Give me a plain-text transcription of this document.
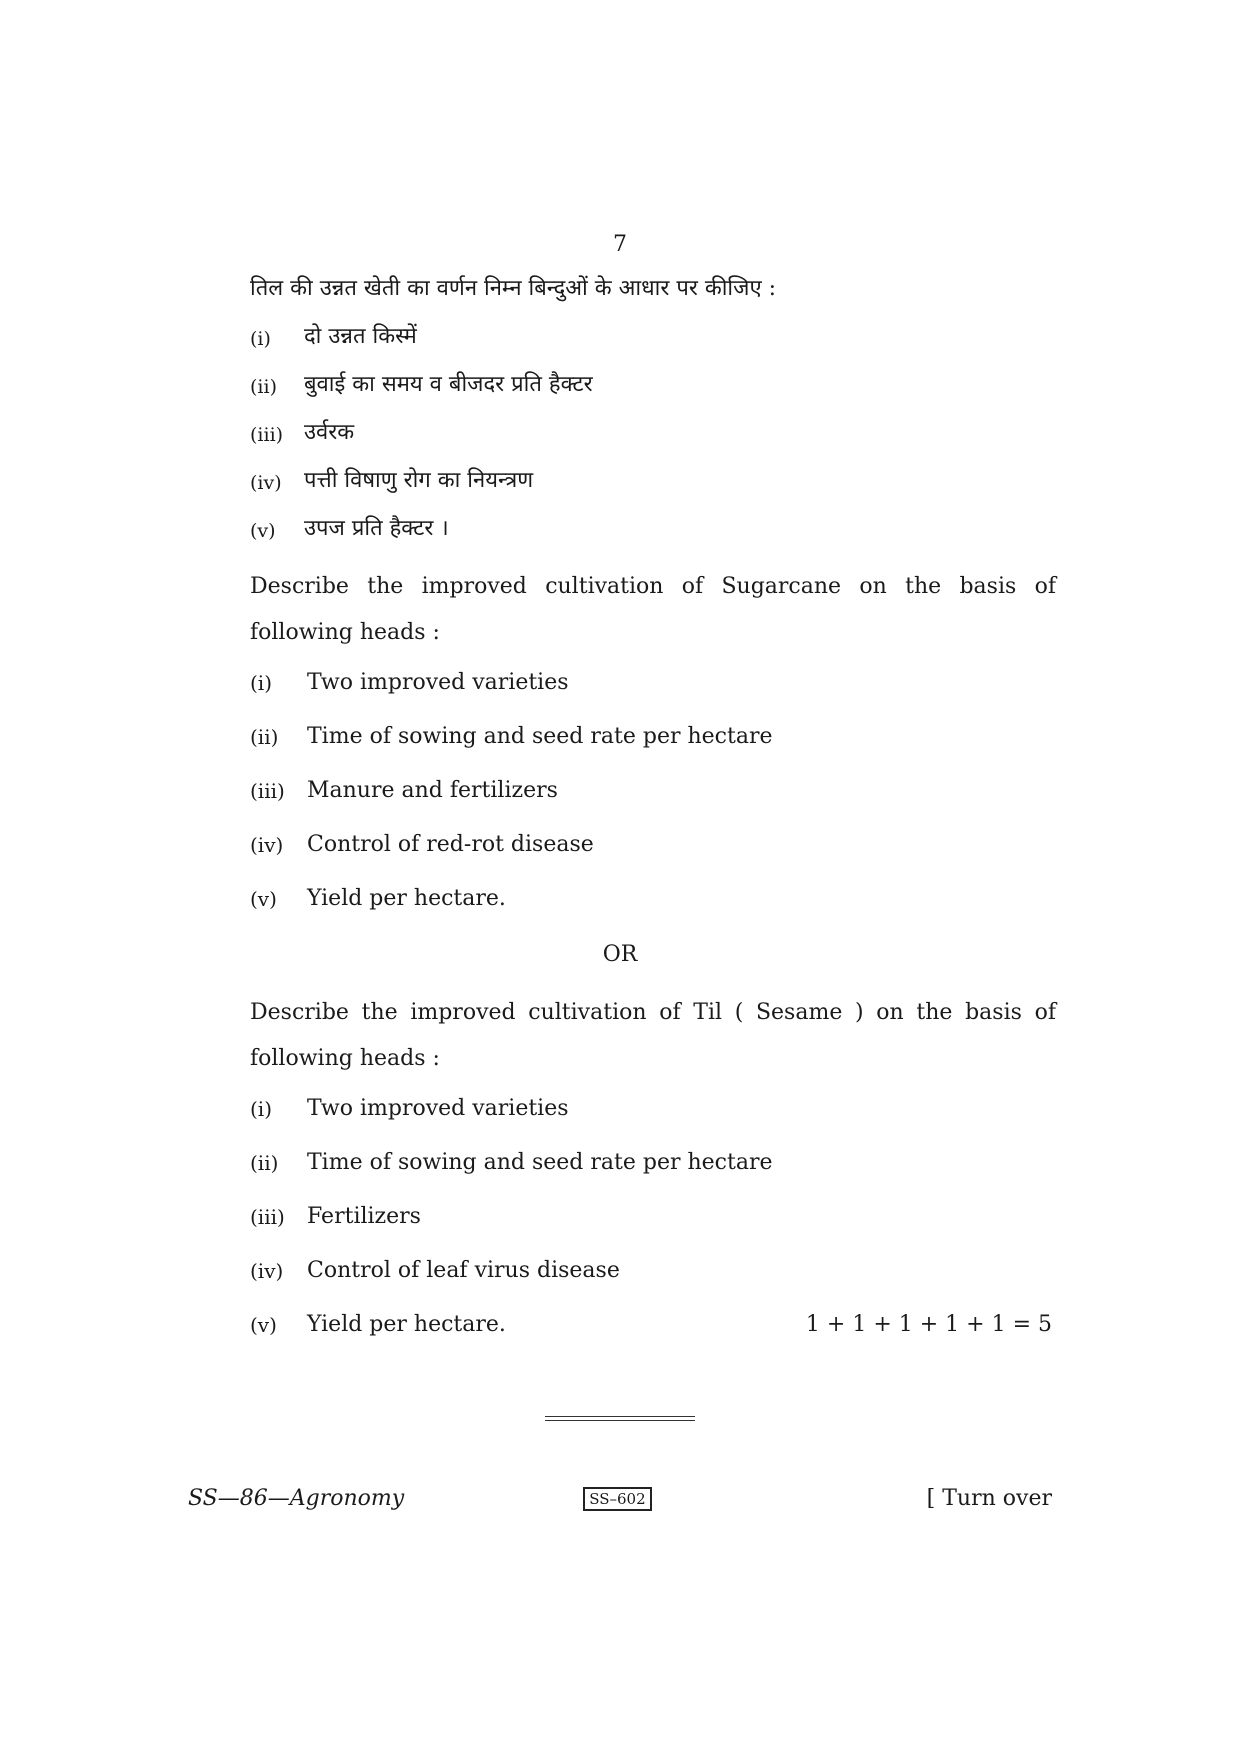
7
तिल की उन्नत खेती का वर्णन निम्न बिन्दुओं के आधार पर कीजिए :
(i)	दो उन्नत किस्में
(ii)	बुवाई का समय व बीजदर प्रति हैक्टर
(iii) उर्वरक
(iv)	पत्ती विषाणु रोग का नियन्त्रण
(v)	उपज प्रति हैक्टर ।
Describe the improved cultivation of Sugarcane on the basis of following heads :
(i)	Two improved varieties
(ii)	Time of sowing and seed rate per hectare
(iii)	Manure and fertilizers
(iv)	Control of red-rot disease
(v)	Yield per hectare.
OR
Describe the improved cultivation of Til ( Sesame ) on the basis of following heads :
(i)	Two improved varieties
(ii)	Time of sowing and seed rate per hectare
(iii)	Fertilizers
(iv)	Control of leaf virus disease
(v)	Yield per hectare.	1 + 1 + 1 + 1 + 1 = 5
SS—86—Agronomy	SS–602	[ Turn over
